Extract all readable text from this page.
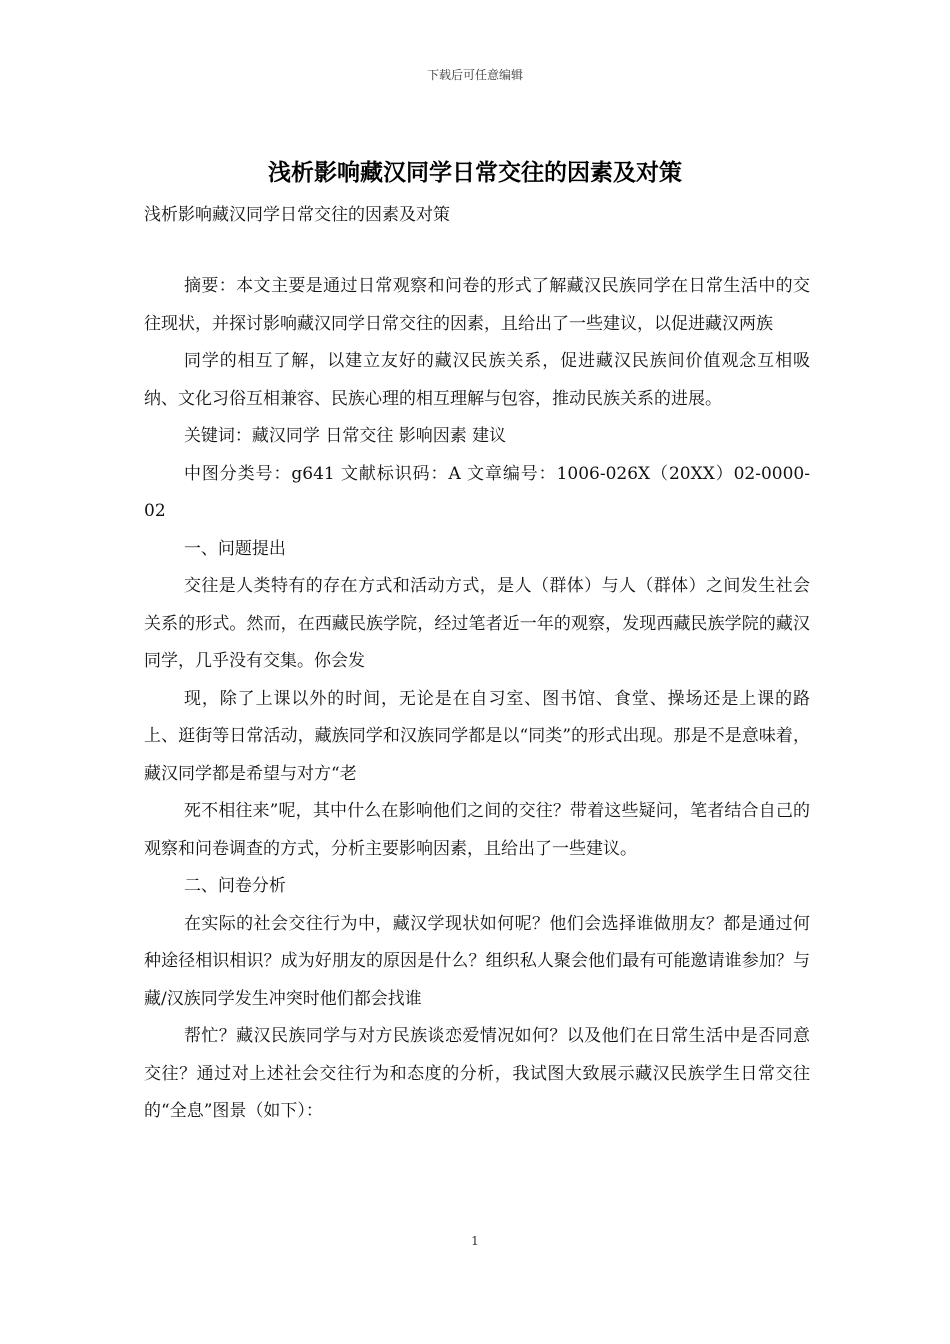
下载后可任意编辑
浅析影响藏汉同学日常交往的因素及对策

浅析影响藏汉同学日常交往的因素及对策

摘要：本文主要是通过日常观察和问卷的形式了解藏汉民族同学在日常生活中的交往现状，并探讨影响藏汉同学日常交往的因素，且给出了一些建议，以促进藏汉两族

同学的相互了解，以建立友好的藏汉民族关系，促进藏汉民族间价值观念互相吸纳、文化习俗互相兼容、民族心理的相互理解与包容，推动民族关系的进展。

关键词：藏汉同学 日常交往 影响因素 建议

中图分类号：g641 文献标识码：A 文章编号：1006-026X（20XX）02-0000-02

一、问题提出

交往是人类特有的存在方式和活动方式，是人（群体）与人（群体）之间发生社会关系的形式。然而，在西藏民族学院，经过笔者近一年的观察，发现西藏民族学院的藏汉同学，几乎没有交集。你会发

现，除了上课以外的时间，无论是在自习室、图书馆、食堂、操场还是上课的路上、逛街等日常活动，藏族同学和汉族同学都是以“同类”的形式出现。那是不是意味着，藏汉同学都是希望与对方“老

死不相往来”呢，其中什么在影响他们之间的交往？带着这些疑问，笔者结合自己的观察和问卷调查的方式，分析主要影响因素，且给出了一些建议。

二、问卷分析

在实际的社会交往行为中，藏汉学现状如何呢？他们会选择谁做朋友？都是通过何种途径相识相识？成为好朋友的原因是什么？组织私人聚会他们最有可能邀请谁参加？与藏/汉族同学发生冲突时他们都会找谁

帮忙？藏汉民族同学与对方民族谈恋爱情况如何？以及他们在日常生活中是否同意交往？通过对上述社会交往行为和态度的分析，我试图大致展示藏汉民族学生日常交往的“全息”图景（如下）：

1
